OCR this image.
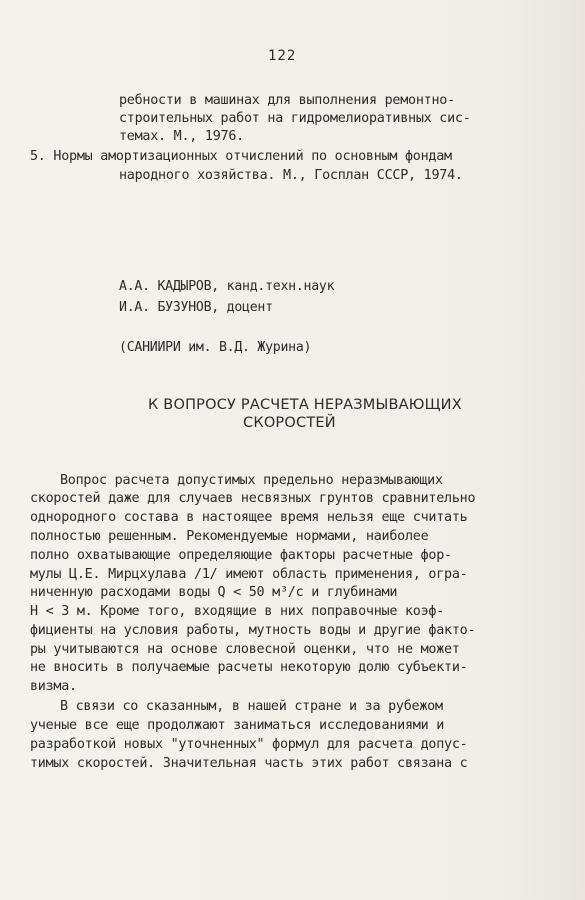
122
ребности в машинах для выполнения ремонтно-
строительных работ на гидромелиоративных сис-
темах. М., 1976.
5. Нормы амортизационных отчислений по основным фондам
народного хозяйства. М., Госплан СССР, 1974.
А.А. КАДЫРОВ, канд.техн.наук
И.А. БУЗУНОВ, доцент
(САНИИРИ им. В.Д. Журина)
К ВОПРОСУ РАСЧЕТА НЕРАЗМЫВАЮЩИХ
СКОРОСТЕЙ
Вопрос расчета допустимых предельно неразмывающих
скоростей даже для случаев несвязных грунтов сравнительно
однородного состава в настоящее время нельзя еще считать
полностью решенным. Рекомендуемые нормами, наиболее
полно охватывающие определяющие факторы расчетные фор-
мулы Ц.Е. Мирцхулава /1/ имеют область применения, огра-
ниченную расходами воды Q < 50 м³/с и глубинами
H < 3 м. Кроме того, входящие в них поправочные коэф-
фициенты на условия работы, мутность воды и другие факто-
ры учитываются на основе словесной оценки, что не может
не вносить в получаемые расчеты некоторую долю субъекти-
визма.
В связи со сказанным, в нашей стране и за рубежом
ученые все еще продолжают заниматься исследованиями и
разработкой новых "уточненных" формул для расчета допус-
тимых скоростей. Значительная часть этих работ связана с
